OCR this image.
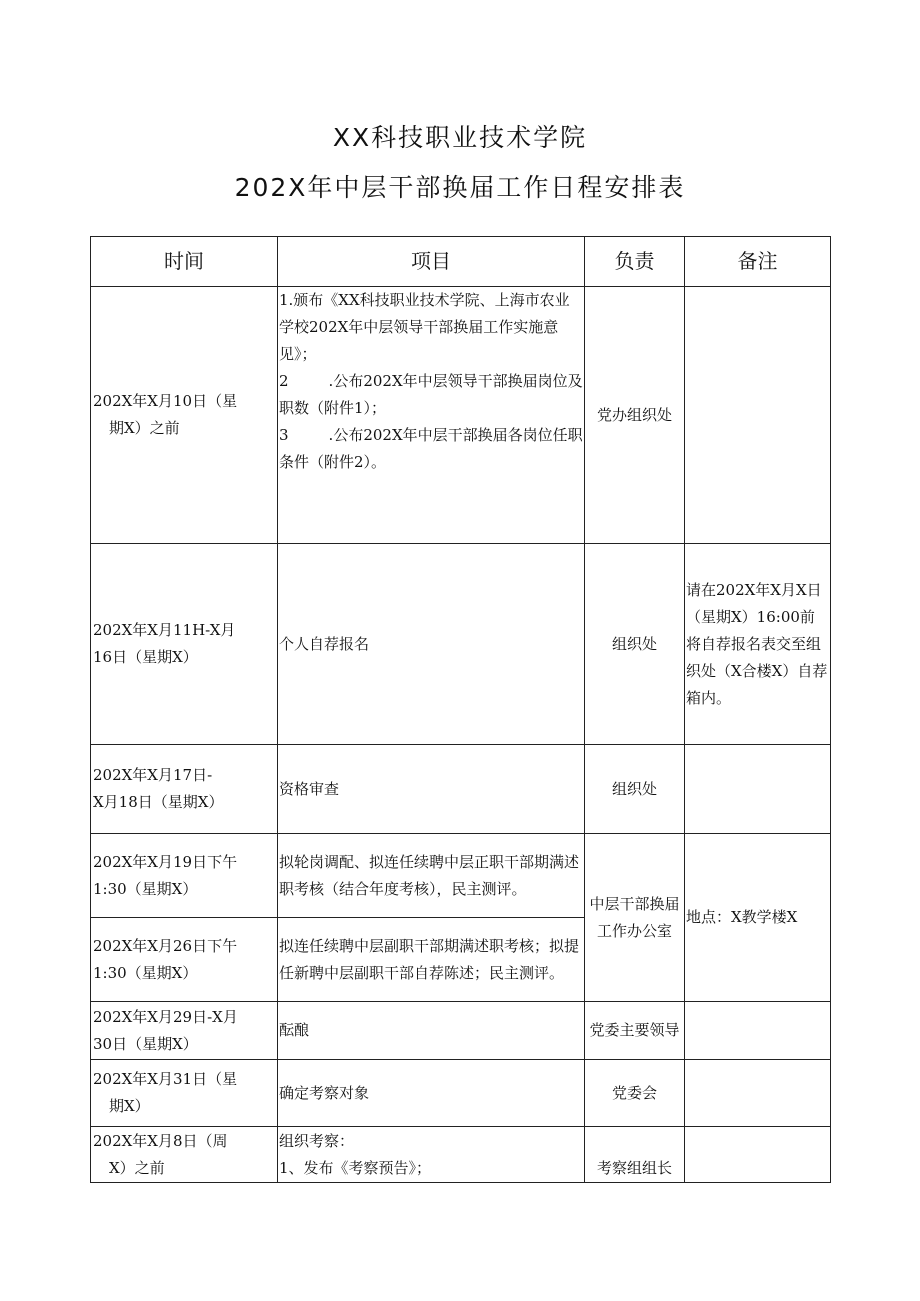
XX科技职业技术学院
202X年中层干部换届工作日程安排表
时间	项目	负责	备注

202X年X月10日（星
期X）之前	1.颁布《XX科技职业技术学院、上海市农业学校202X年中层领导干部换届工作实施意见》；
2 .公布202X年中层领导干部换届岗位及职数（附件1）；
3 .公布202X年中层干部换届各岗位任职条件（附件2）。	党办组织处	

202X年X月11H-X月
16日（星期X）	个人自荐报名	组织处	请在202X年X月X日（星期X）16:00前将自荐报名表交至组织处（X合楼X）自荐箱内。

202X年X月17日-
X月18日（星期X）	资格审查	组织处	

202X年X月19日下午
1:30（星期X）	拟轮岗调配、拟连任续聘中层正职干部期满述职考核（结合年度考核），民主测评。	中层干部换届工作办公室	地点：X教学楼X

202X年X月26日下午
1:30（星期X）	拟连任续聘中层副职干部期满述职考核；拟提任新聘中层副职干部自荐陈述；民主测评。		

202X年X月29日-X月
30日（星期X）	酝酿	党委主要领导	

202X年X月31日（星
期X）	确定考察对象	党委会	

202X年X月8日（周
X）之前	组织考察：
1、发布《考察预告》；	考察组组长	
